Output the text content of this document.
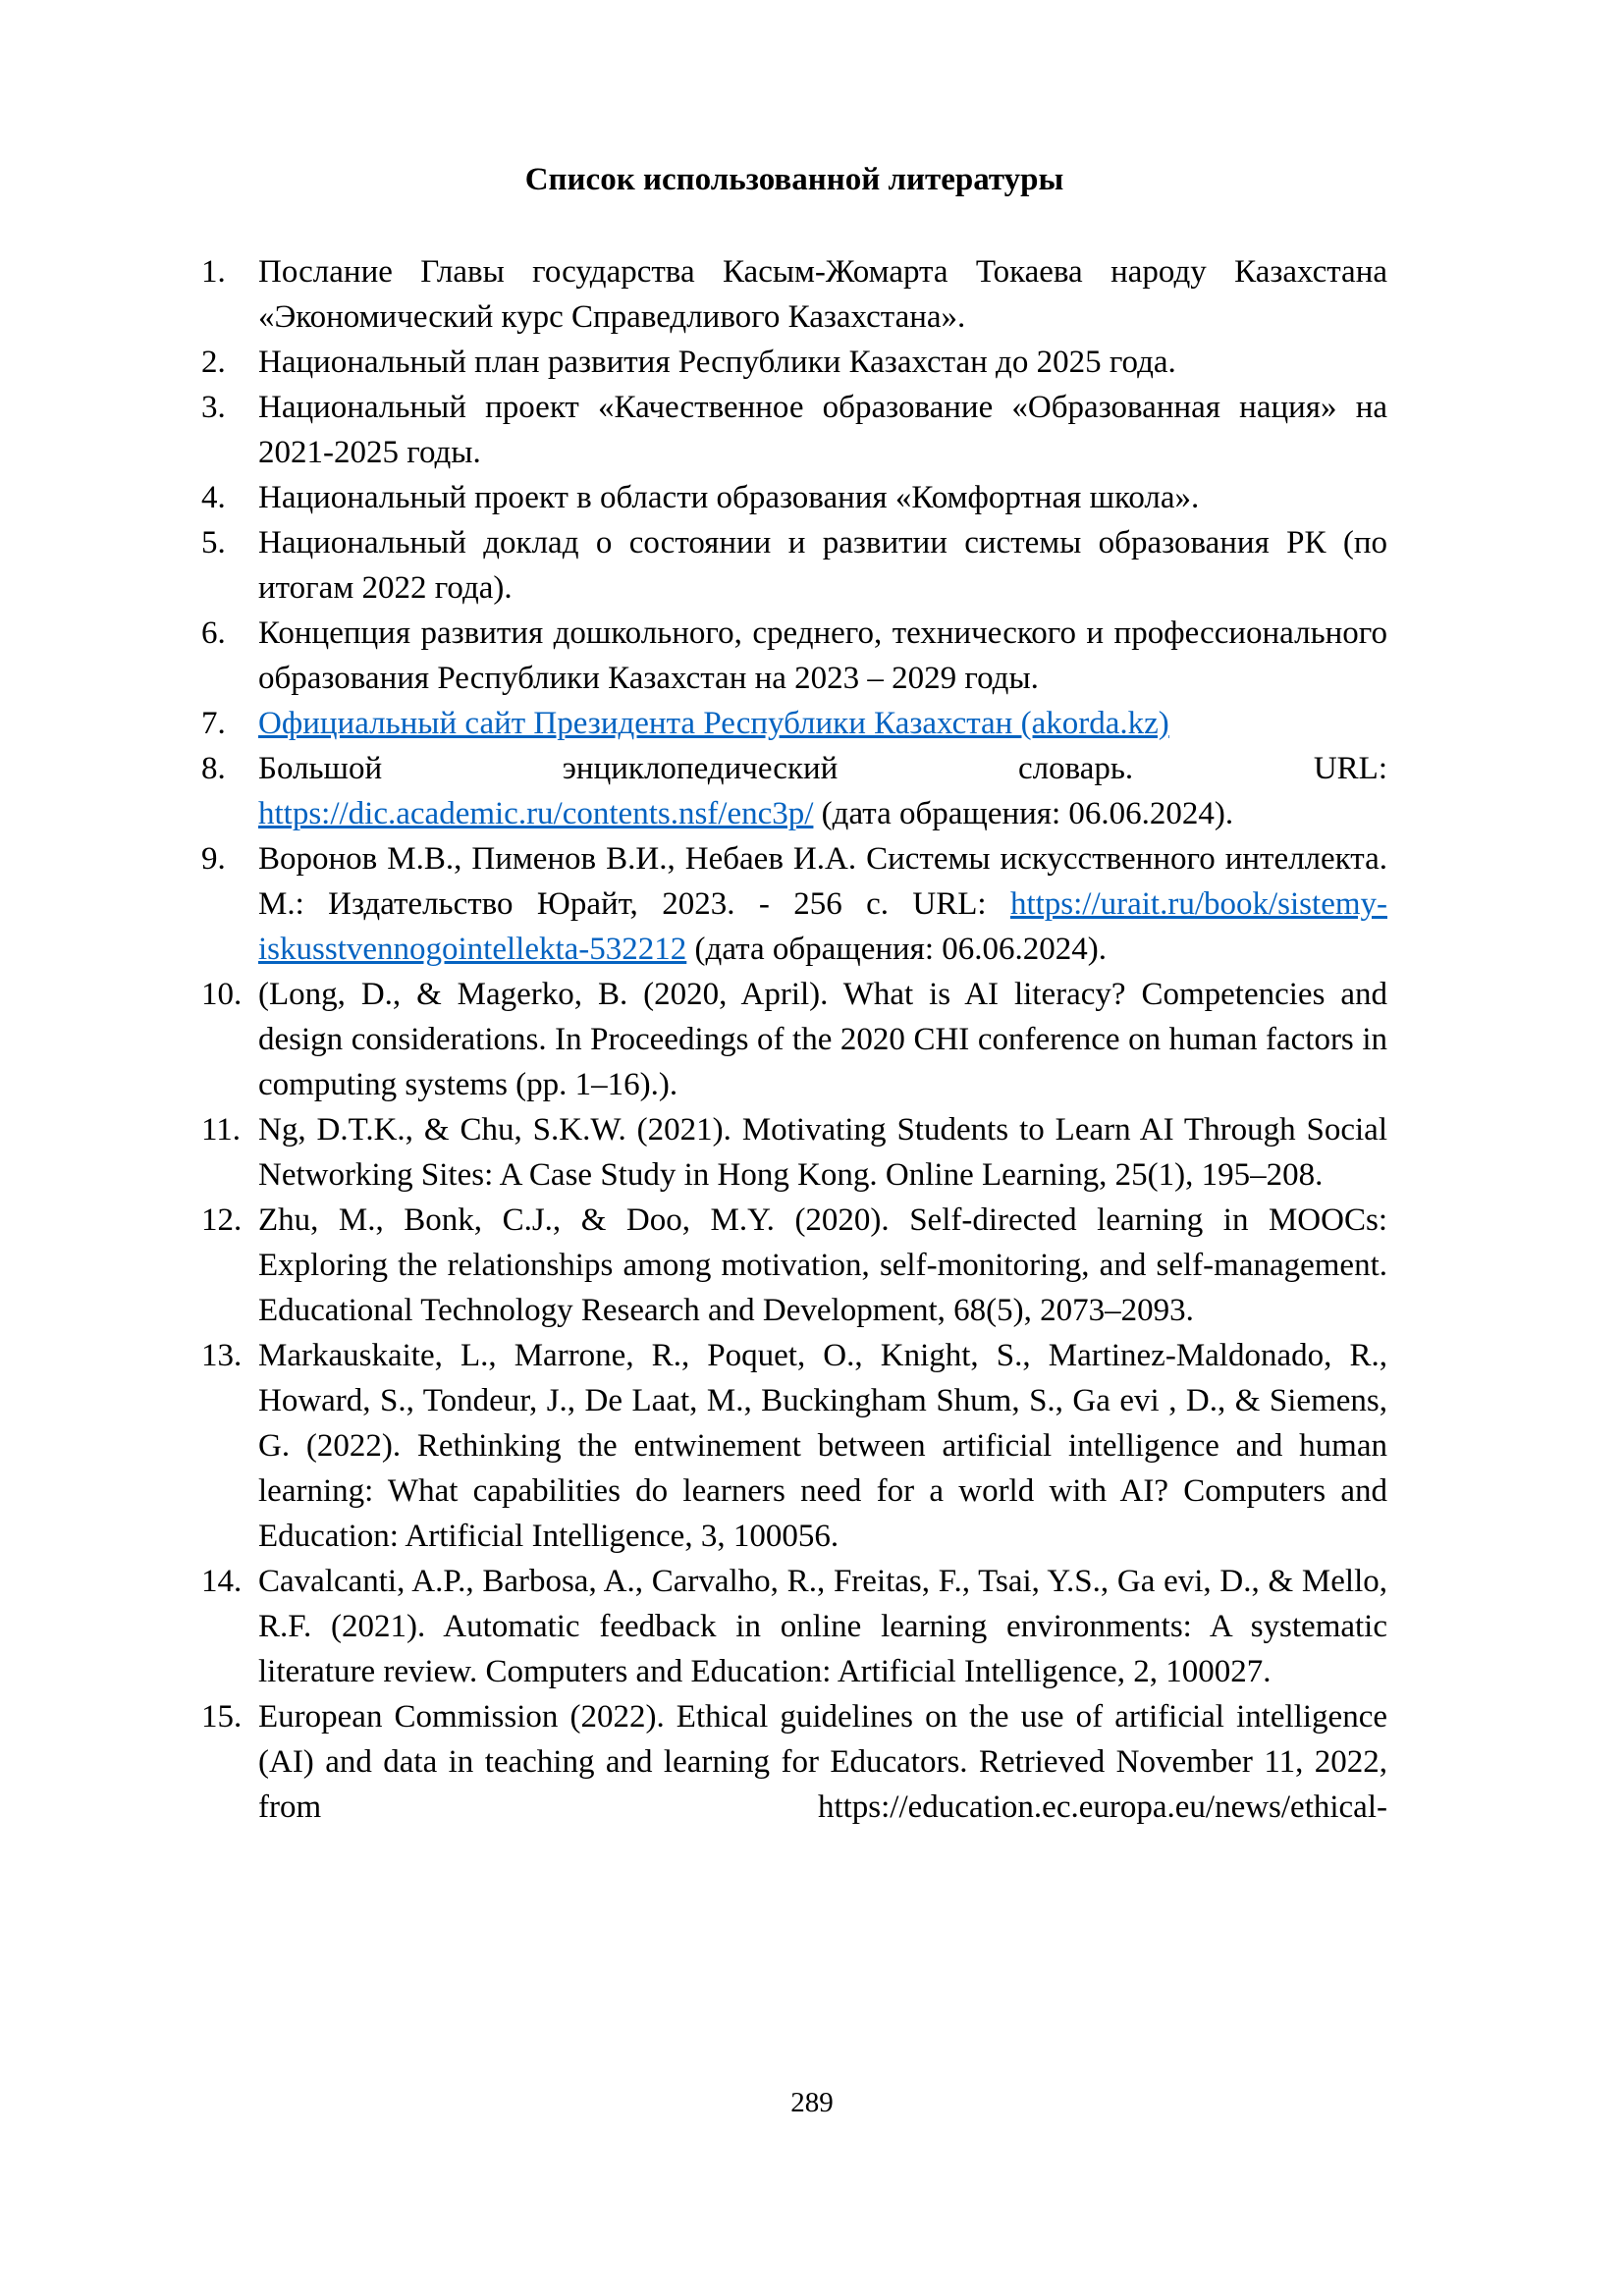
Список использованной литературы
1. Послание Главы государства Касым-Жомарта Токаева народу Казахстана «Экономический курс Справедливого Казахстана».
2. Национальный план развития Республики Казахстан до 2025 года.
3. Национальный проект «Качественное образование «Образованная нация» на 2021-2025 годы.
4. Национальный проект в области образования «Комфортная школа».
5. Национальный доклад о состоянии и развитии системы образования РК (по итогам 2022 года).
6. Концепция развития дошкольного, среднего, технического и профессионального образования Республики Казахстан на 2023 – 2029 годы.
7. Официальный сайт Президента Республики Казахстан (akorda.kz)
8. Большой энциклопедический словарь. URL: https://dic.academic.ru/contents.nsf/enc3p/ (дата обращения: 06.06.2024).
9. Воронов М.В., Пименов В.И., Небаев И.А. Системы искусственного интеллекта. М.: Издательство Юрайт, 2023. - 256 с. URL: https://urait.ru/book/sistemy-iskusstvennogointellekta-532212 (дата обращения: 06.06.2024).
10. (Long, D., & Magerko, B. (2020, April). What is AI literacy? Competencies and design considerations. In Proceedings of the 2020 CHI conference on human factors in computing systems (pp. 1–16).).
11. Ng, D.T.K., & Chu, S.K.W. (2021). Motivating Students to Learn AI Through Social Networking Sites: A Case Study in Hong Kong. Online Learning, 25(1), 195–208.
12. Zhu, M., Bonk, C.J., & Doo, M.Y. (2020). Self-directed learning in MOOCs: Exploring the relationships among motivation, self-monitoring, and self-management. Educational Technology Research and Development, 68(5), 2073–2093.
13. Markauskaite, L., Marrone, R., Poquet, O., Knight, S., Martinez-Maldonado, R., Howard, S., Tondeur, J., De Laat, M., Buckingham Shum, S., Ga evi , D., & Siemens, G. (2022). Rethinking the entwinement between artificial intelligence and human learning: What capabilities do learners need for a world with AI? Computers and Education: Artificial Intelligence, 3, 100056.
14. Cavalcanti, A.P., Barbosa, A., Carvalho, R., Freitas, F., Tsai, Y.S., Ga evi, D., & Mello, R.F. (2021). Automatic feedback in online learning environments: A systematic literature review. Computers and Education: Artificial Intelligence, 2, 100027.
15. European Commission (2022). Ethical guidelines on the use of artificial intelligence (AI) and data in teaching and learning for Educators. Retrieved November 11, 2022, from https://education.ec.europa.eu/news/ethical-
289
